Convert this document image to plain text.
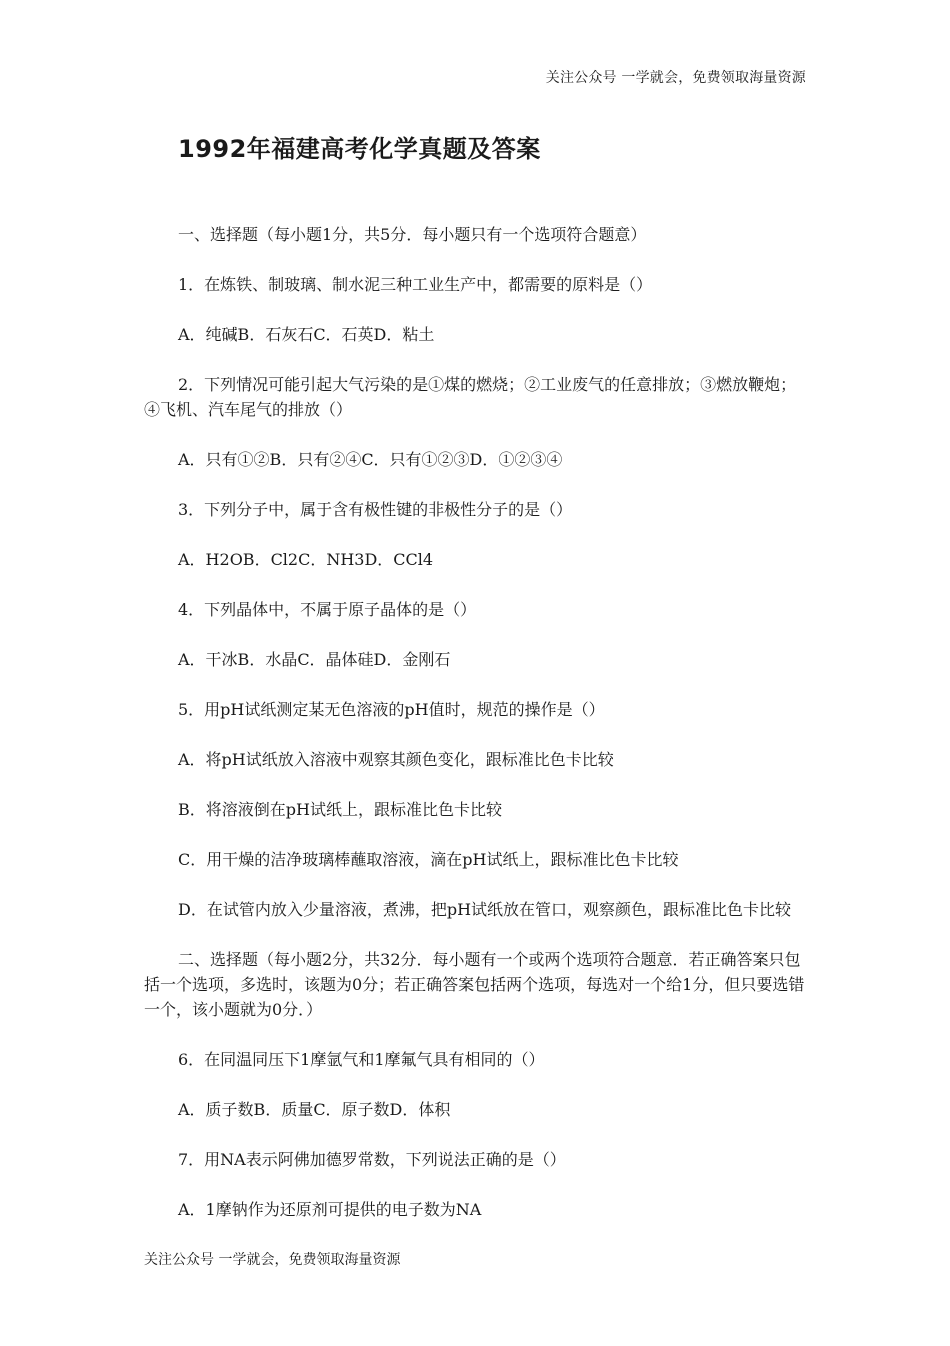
关注公众号 一学就会，免费领取海量资源
1992年福建高考化学真题及答案
一、选择题（每小题1分，共5分．每小题只有一个选项符合题意）
1．在炼铁、制玻璃、制水泥三种工业生产中，都需要的原料是（）
A．纯碱B．石灰石C．石英D．粘土
2．下列情况可能引起大气污染的是①煤的燃烧；②工业废气的任意排放；③燃放鞭炮；④飞机、汽车尾气的排放（）
A．只有①②B．只有②④C．只有①②③D．①②③④
3．下列分子中，属于含有极性键的非极性分子的是（）
A．H2OB．Cl2C．NH3D．CCl4
4．下列晶体中，不属于原子晶体的是（）
A．干冰B．水晶C．晶体硅D．金刚石
5．用pH试纸测定某无色溶液的pH值时，规范的操作是（）
A．将pH试纸放入溶液中观察其颜色变化，跟标准比色卡比较
B．将溶液倒在pH试纸上，跟标准比色卡比较
C．用干燥的洁净玻璃棒蘸取溶液，滴在pH试纸上，跟标准比色卡比较
D．在试管内放入少量溶液，煮沸，把pH试纸放在管口，观察颜色，跟标准比色卡比较
二、选择题（每小题2分，共32分．每小题有一个或两个选项符合题意．若正确答案只包括一个选项，多选时，该题为0分；若正确答案包括两个选项，每选对一个给1分，但只要选错一个，该小题就为0分．）
6．在同温同压下1摩氩气和1摩氟气具有相同的（）
A．质子数B．质量C．原子数D．体积
7．用NA表示阿佛加德罗常数，下列说法正确的是（）
A．1摩钠作为还原剂可提供的电子数为NA
关注公众号 一学就会，免费领取海量资源
